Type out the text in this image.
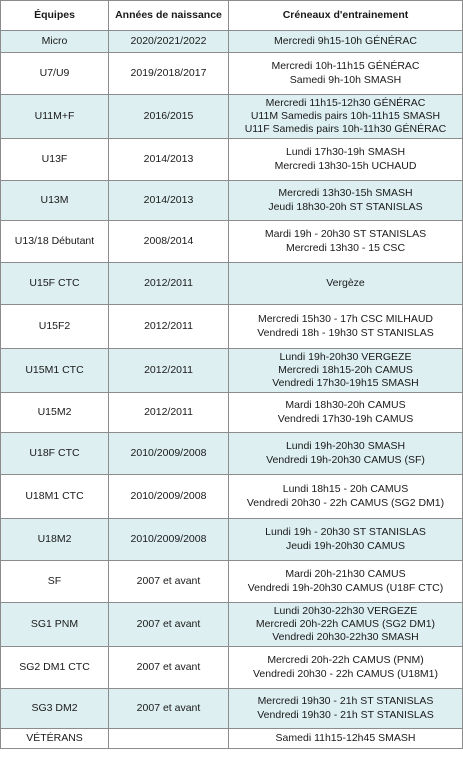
Équipes	Années de naissance	Créneaux d'entrainement
Micro	2020/2021/2022	Mercredi 9h15-10h GÉNÉRAC

U7/U9	2019/2018/2017	Mercredi 10h-11h15 GÉNÉRAC
Samedi 9h-10h SMASH

U11M+F	2016/2015	Mercredi 11h15-12h30 GÉNÉRAC
U11M Samedis pairs 10h-11h15 SMASH
U11F Samedis pairs 10h-11h30 GÉNÉRAC

U13F	2014/2013	Lundi 17h30-19h SMASH
Mercredi 13h30-15h UCHAUD

U13M	2014/2013	Mercredi 13h30-15h SMASH
Jeudi 18h30-20h ST STANISLAS

U13/18 Débutant	2008/2014	Mardi 19h - 20h30 ST STANISLAS
Mercredi 13h30 - 15 CSC

U15F CTC	2012/2011	Vergèze

U15F2	2012/2011	Mercredi 15h30 - 17h CSC MILHAUD
Vendredi 18h - 19h30 ST STANISLAS

U15M1 CTC	2012/2011	Lundi 19h-20h30 VERGEZE
Mercredi 18h15-20h CAMUS
Vendredi 17h30-19h15 SMASH

U15M2	2012/2011	Mardi 18h30-20h CAMUS
Vendredi 17h30-19h CAMUS

U18F CTC	2010/2009/2008	Lundi 19h-20h30 SMASH
Vendredi 19h-20h30 CAMUS (SF)

U18M1 CTC	2010/2009/2008	Lundi 18h15 - 20h CAMUS
Vendredi 20h30 - 22h CAMUS (SG2 DM1)

U18M2	2010/2009/2008	Lundi 19h - 20h30 ST STANISLAS
Jeudi 19h-20h30 CAMUS

SF	2007 et avant	Mardi 20h-21h30 CAMUS
Vendredi 19h-20h30 CAMUS (U18F CTC)

SG1 PNM	2007 et avant	Lundi 20h30-22h30 VERGEZE
Mercredi 20h-22h CAMUS (SG2 DM1)
Vendredi 20h30-22h30 SMASH

SG2 DM1 CTC	2007 et avant	Mercredi 20h-22h CAMUS (PNM)
Vendredi 20h30 - 22h CAMUS (U18M1)

SG3 DM2	2007 et avant	Mercredi 19h30 - 21h ST STANISLAS
Vendredi 19h30 - 21h ST STANISLAS

VÉTÉRANS		Samedi 11h15-12h45 SMASH
